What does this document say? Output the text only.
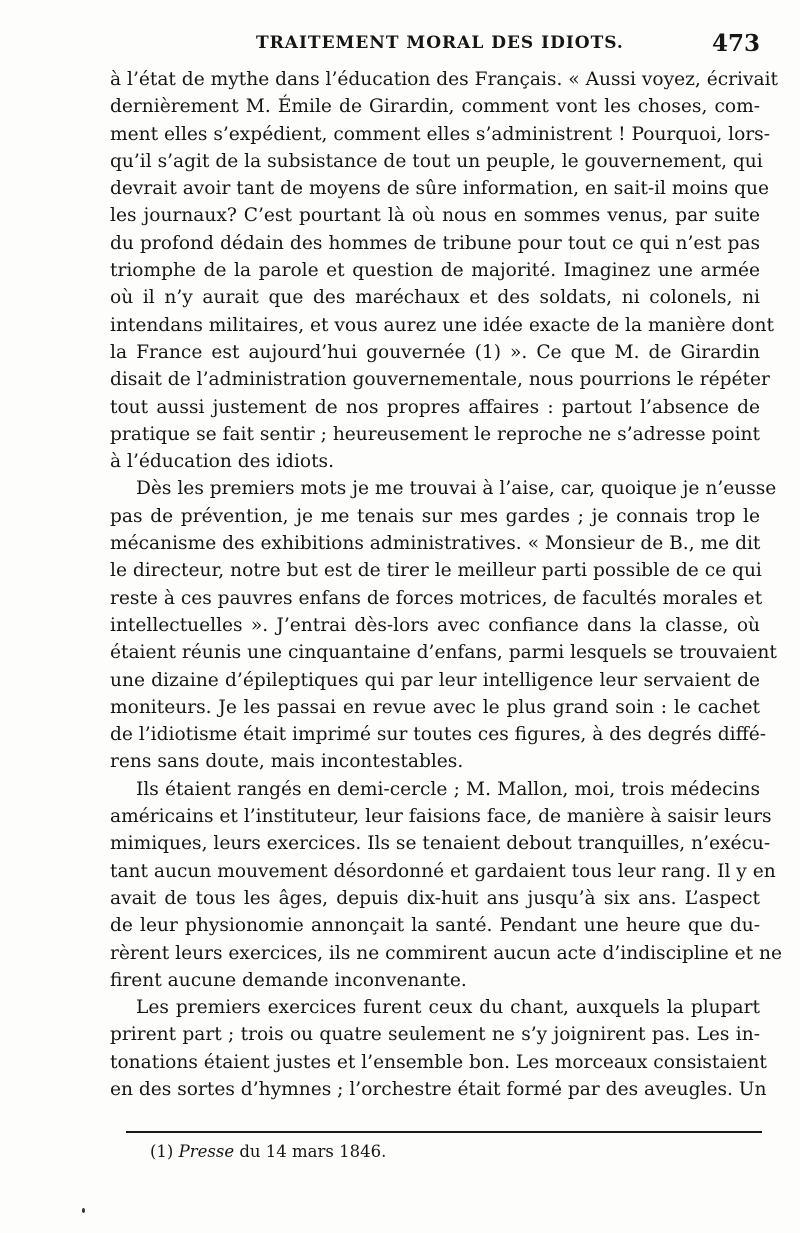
TRAITEMENT MORAL DES IDIOTS.	473

à l’état de mythe dans l’éducation des Français. « Aussi voyez, écrivait
dernièrement M. Émile de Girardin, comment vont les choses, com-
ment elles s’expédient, comment elles s’administrent ! Pourquoi, lors-
qu’il s’agit de la subsistance de tout un peuple, le gouvernement, qui
devrait avoir tant de moyens de sûre information, en sait-il moins que
les journaux? C’est pourtant là où nous en sommes venus, par suite
du profond dédain des hommes de tribune pour tout ce qui n’est pas
triomphe de la parole et question de majorité. Imaginez une armée
où il n’y aurait que des maréchaux et des soldats, ni colonels, ni
intendans militaires, et vous aurez une idée exacte de la manière dont
la France est aujourd’hui gouvernée (1) ». Ce que M. de Girardin
disait de l’administration gouvernementale, nous pourrions le répéter
tout aussi justement de nos propres affaires : partout l’absence de
pratique se fait sentir ; heureusement le reproche ne s’adresse point
à l’éducation des idiots.

Dès les premiers mots je me trouvai à l’aise, car, quoique je n’eusse
pas de prévention, je me tenais sur mes gardes ; je connais trop le
mécanisme des exhibitions administratives. « Monsieur de B., me dit
le directeur, notre but est de tirer le meilleur parti possible de ce qui
reste à ces pauvres enfans de forces motrices, de facultés morales et
intellectuelles ». J’entrai dès-lors avec confiance dans la classe, où
étaient réunis une cinquantaine d’enfans, parmi lesquels se trouvaient
une dizaine d’épileptiques qui par leur intelligence leur servaient de
moniteurs. Je les passai en revue avec le plus grand soin : le cachet
de l’idiotisme était imprimé sur toutes ces figures, à des degrés diffé-
rens sans doute, mais incontestables.

Ils étaient rangés en demi-cercle ; M. Mallon, moi, trois médecins
américains et l’instituteur, leur faisions face, de manière à saisir leurs
mimiques, leurs exercices. Ils se tenaient debout tranquilles, n’exécu-
tant aucun mouvement désordonné et gardaient tous leur rang. Il y en
avait de tous les âges, depuis dix-huit ans jusqu’à six ans. L’aspect
de leur physionomie annonçait la santé. Pendant une heure que du-
rèrent leurs exercices, ils ne commirent aucun acte d’indiscipline et ne
firent aucune demande inconvenante.

Les premiers exercices furent ceux du chant, auxquels la plupart
prirent part ; trois ou quatre seulement ne s’y joignirent pas. Les in-
tonations étaient justes et l’ensemble bon. Les morceaux consistaient
en des sortes d’hymnes ; l’orchestre était formé par des aveugles. Un

(1) Presse du 14 mars 1846.
